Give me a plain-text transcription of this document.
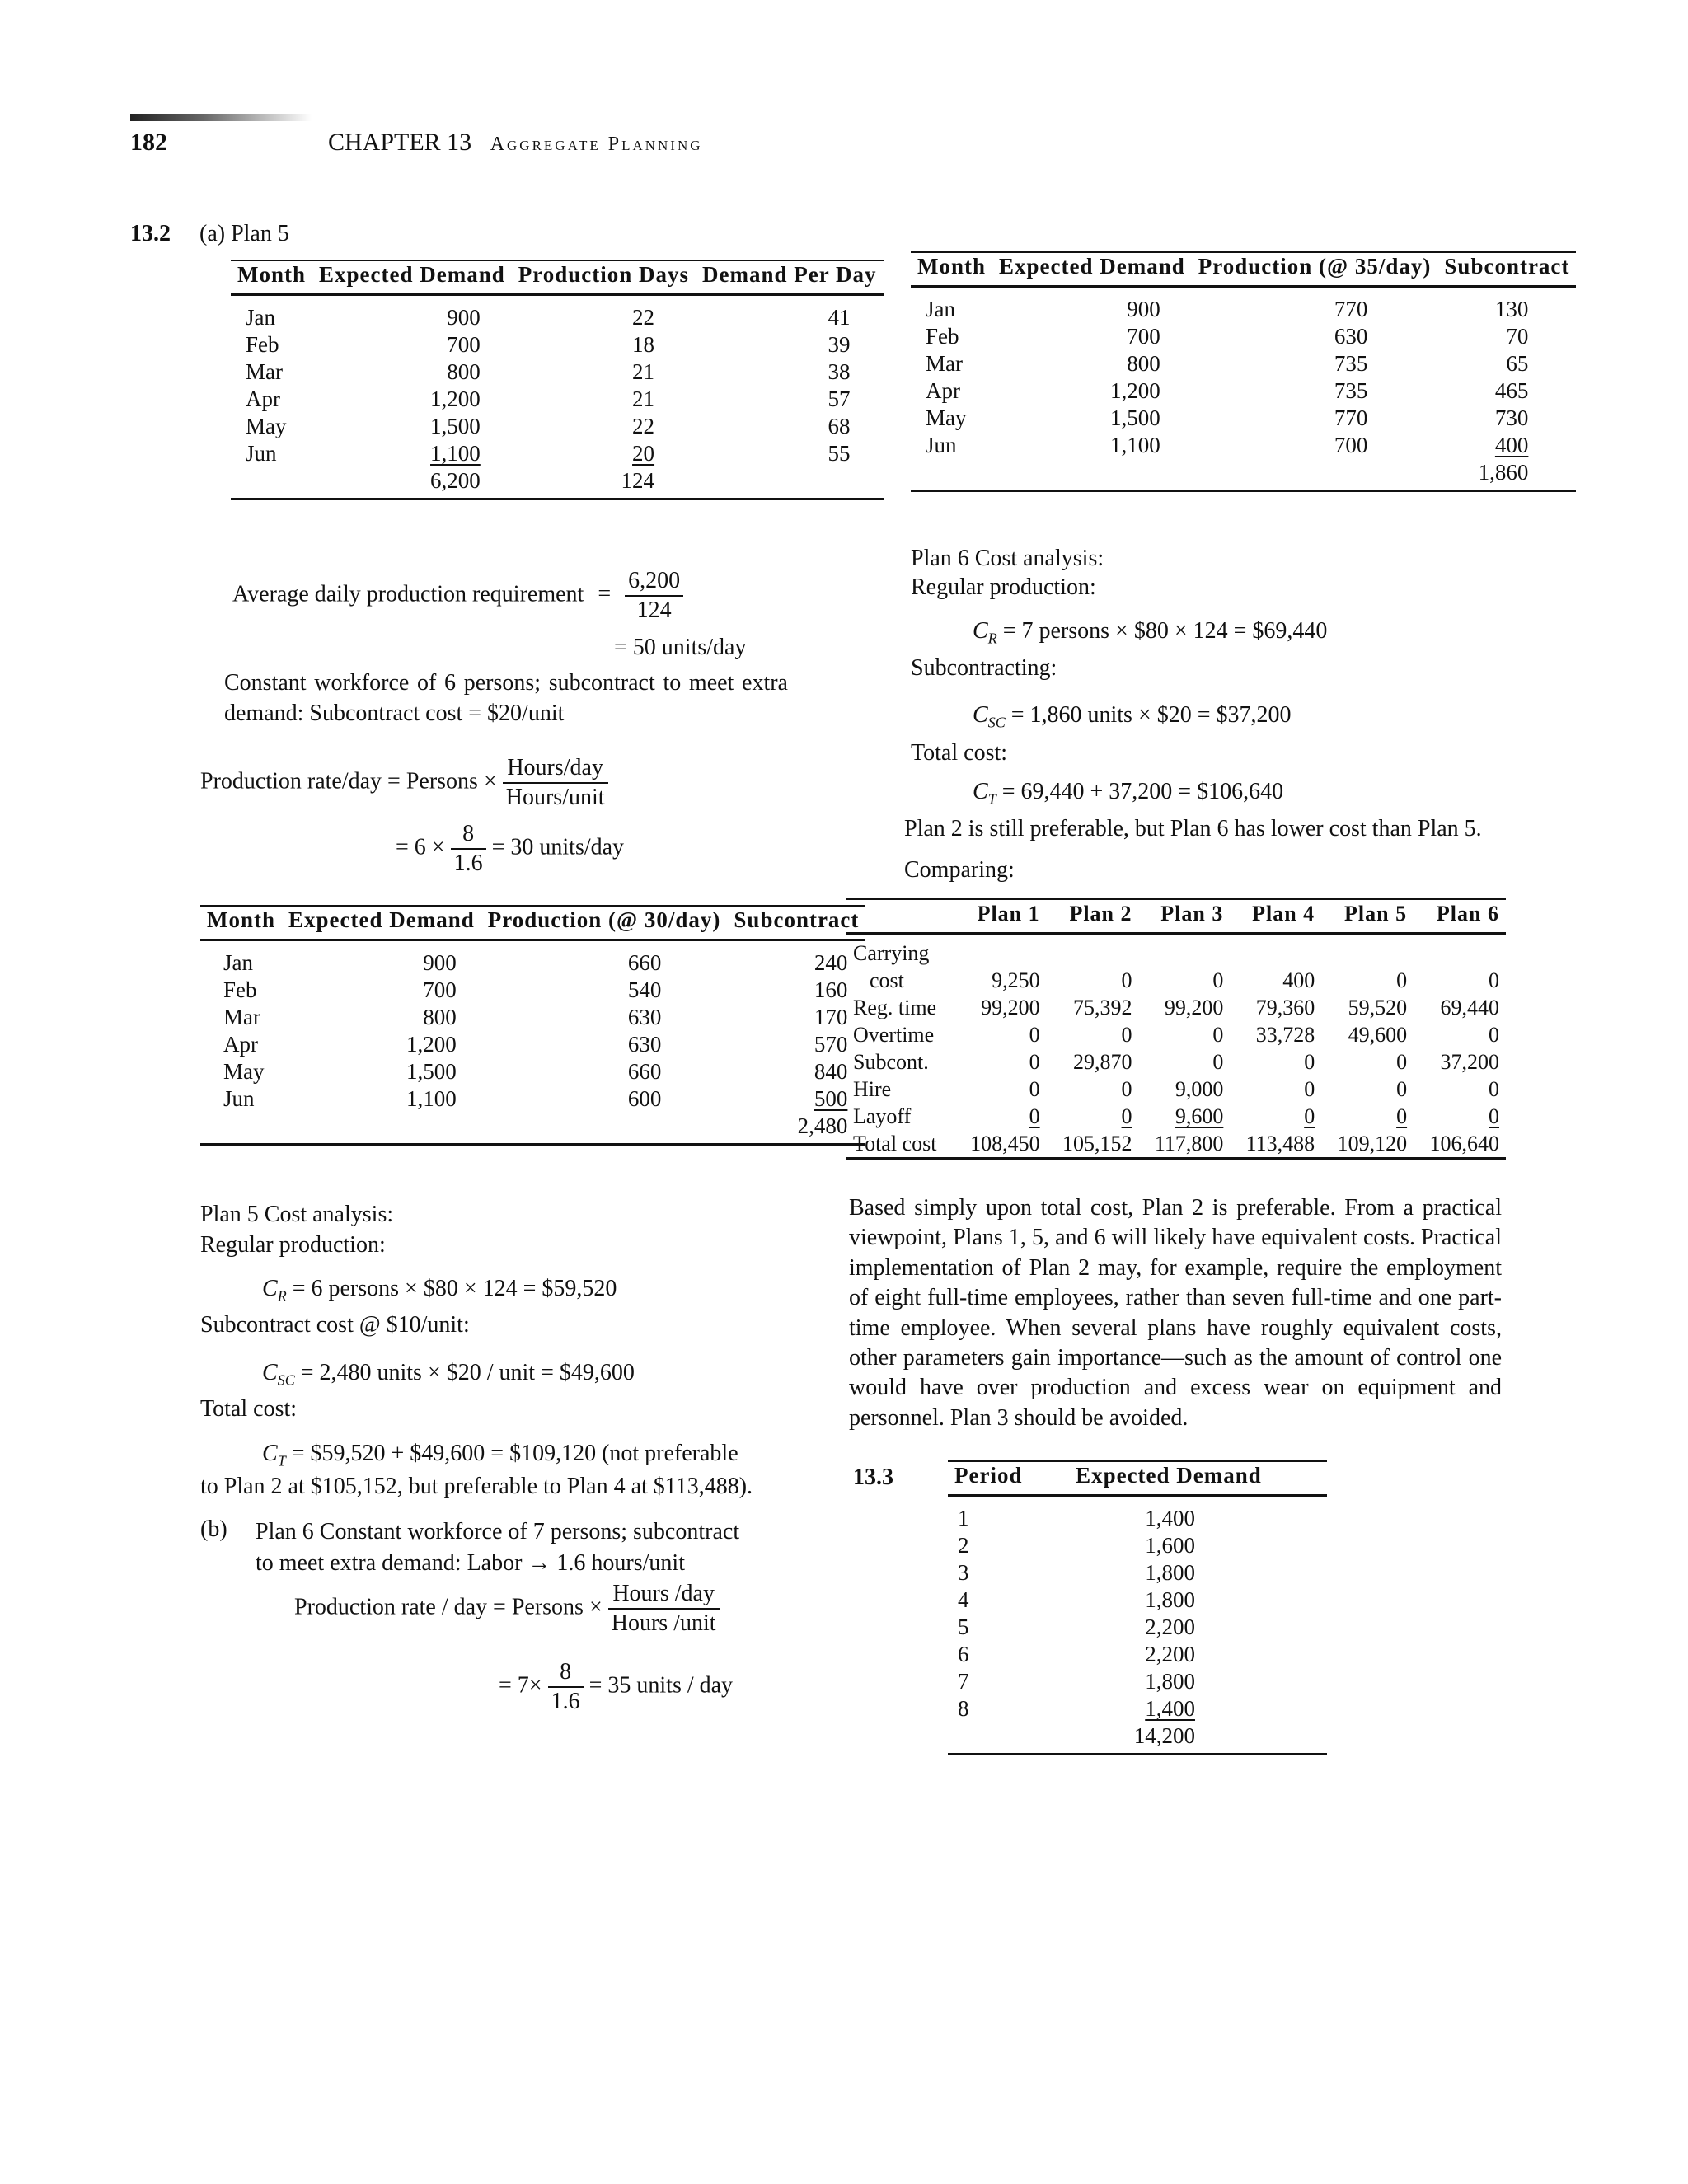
182	CHAPTER 13 Aggregate Planning
13.2 (a) Plan 5
Month	Expected Demand	Production Days	Demand Per Day
Jan	900	22	41
Feb	700	18	39
Mar	800	21	38
Apr	1,200	21	57
May	1,500	22	68
Jun	1,100	20	55
	6,200	124	
Average daily production requirement = $\frac{6,200}{124}$
= 50 units/day
Constant workforce of 6 persons; subcontract to meet extra demand: Subcontract cost = $20/unit
Production rate/day = Persons × $\frac{\text{Hours/day}}{\text{Hours/unit}}$
= $6 \times \frac{8}{1.6} = 30$ units/day
Month	Expected Demand	Production (@ 30/day)	Subcontract
Jan	900	660	240
Feb	700	540	160
Mar	800	630	170
Apr	1,200	630	570
May	1,500	660	840
Jun	1,100	600	500
			2,480
Plan 5 Cost analysis:
Regular production:
$C_R = 6$ persons × $80 × 124 = $59,520
Subcontract cost @ $10/unit:
$C_{SC} = 2,480$ units × $20 / unit = $49,600
Total cost:
$C_T$ = $59,520 + $49,600 = $109,120 (not preferable
to Plan 2 at $105,152, but preferable to Plan 4 at $113,488).
(b) Plan 6 Constant workforce of 7 persons; subcontract
to meet extra demand: Labor → 1.6 hours/unit
Production rate / day = Persons × $\frac{\text{Hours /day}}{\text{Hours /unit}}$
= $7\times \frac{8}{1.6} = 35$ units / day
Month	Expected Demand	Production (@ 35/day)	Subcontract
Jan	900	770	130
Feb	700	630	70
Mar	800	735	65
Apr	1,200	735	465
May	1,500	770	730
Jun	1,100	700	400
			1,860
Plan 6 Cost analysis:
Regular production:
$C_R = 7$ persons × $80 × 124 = $69,440
Subcontracting:
$C_{SC} = 1,860$ units × $20 = $37,200
Total cost:
$C_T = 69,440 + 37,200$ = $106,640
Plan 2 is still preferable, but Plan 6 has lower cost than Plan 5.
Comparing:
	Plan 1	Plan 2	Plan 3	Plan 4	Plan 5	Plan 6
Carrying						
cost	9,250	0	0	400	0	0
Reg. time	99,200	75,392	99,200	79,360	59,520	69,440
Overtime	0	0	0	33,728	49,600	0
Subcont.	0	29,870	0	0	0	37,200
Hire	0	0	9,000	0	0	0
Layoff	0	0	9,600	0	0	0
Total cost	108,450	105,152	117,800	113,488	109,120	106,640
Based simply upon total cost, Plan 2 is preferable. From a practical viewpoint, Plans 1, 5, and 6 will likely have equivalent costs. Practical implementation of Plan 2 may, for example, require the employment of eight full-time employees, rather than seven full-time and one part-time employee. When several plans have roughly equivalent costs, other parameters gain importance—such as the amount of control one would have over production and excess wear on equipment and personnel. Plan 3 should be avoided.
13.3	Period	Expected Demand
1	1,400
2	1,600
3	1,800
4	1,800
5	2,200
6	2,200
7	1,800
8	1,400
	14,200
